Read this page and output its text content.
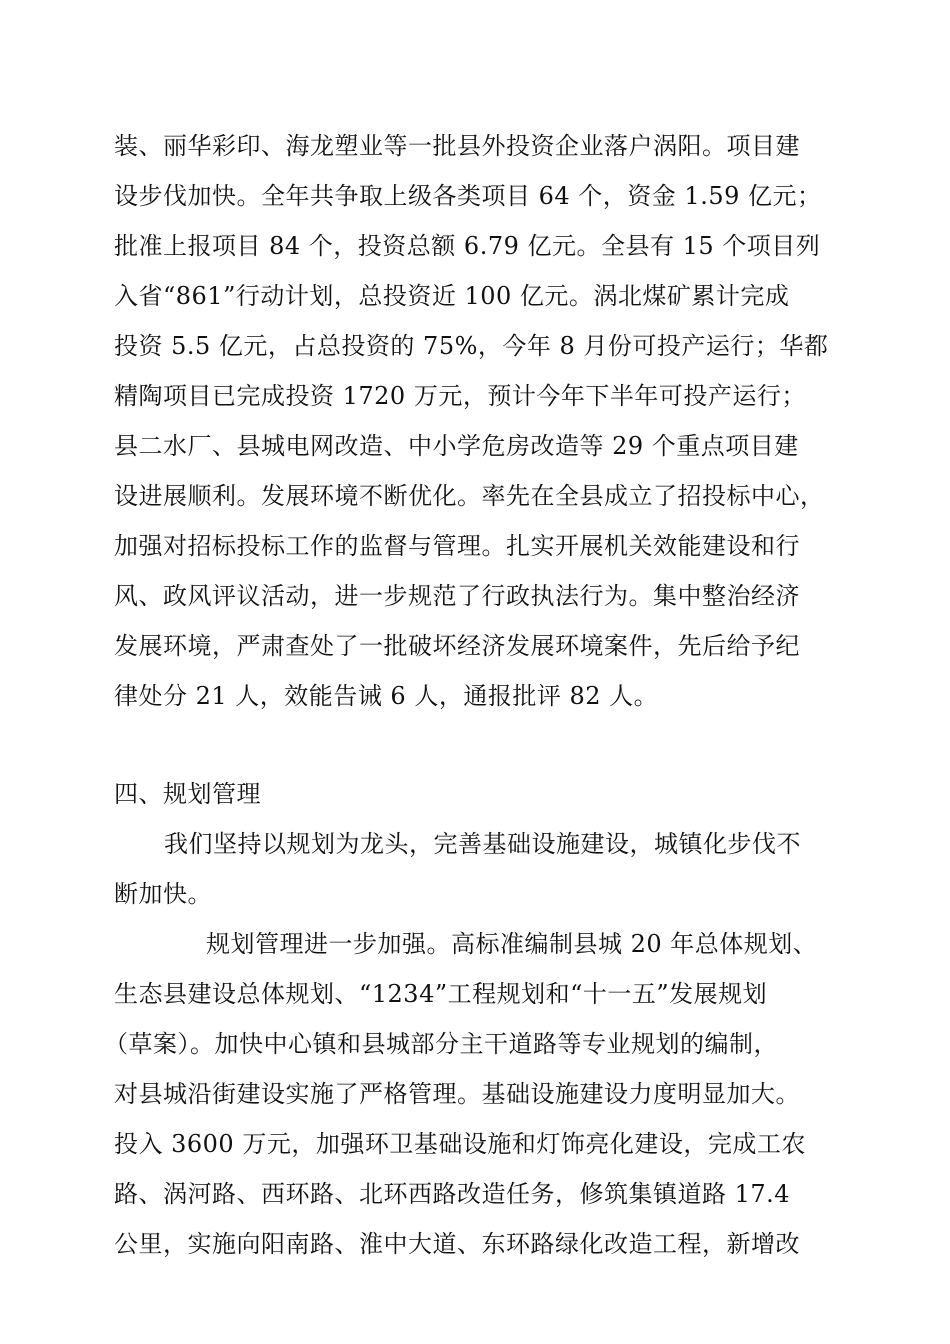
装、丽华彩印、海龙塑业等一批县外投资企业落户涡阳。项目建
设步伐加快。全年共争取上级各类项目 64 个，资金 1.59 亿元；
批准上报项目 84 个，投资总额 6.79 亿元。全县有 15 个项目列
入省“861”行动计划，总投资近 100 亿元。涡北煤矿累计完成
投资 5.5 亿元，占总投资的 75%，今年 8 月份可投产运行；华都
精陶项目已完成投资 1720 万元，预计今年下半年可投产运行；
县二水厂、县城电网改造、中小学危房改造等 29 个重点项目建
设进展顺利。发展环境不断优化。率先在全县成立了招投标中心，
加强对招标投标工作的监督与管理。扎实开展机关效能建设和行
风、政风评议活动，进一步规范了行政执法行为。集中整治经济
发展环境，严肃查处了一批破坏经济发展环境案件，先后给予纪
律处分 21 人，效能告诫 6 人，通报批评 82 人。
四、规划管理
我们坚持以规划为龙头，完善基础设施建设，城镇化步伐不
断加快。
规划管理进一步加强。高标准编制县城 20 年总体规划、
生态县建设总体规划、“1234”工程规划和“十一五”发展规划
（草案）。加快中心镇和县城部分主干道路等专业规划的编制，
对县城沿街建设实施了严格管理。基础设施建设力度明显加大。
投入 3600 万元，加强环卫基础设施和灯饰亮化建设，完成工农
路、涡河路、西环路、北环西路改造任务，修筑集镇道路 17.4
公里，实施向阳南路、淮中大道、东环路绿化改造工程，新增改
